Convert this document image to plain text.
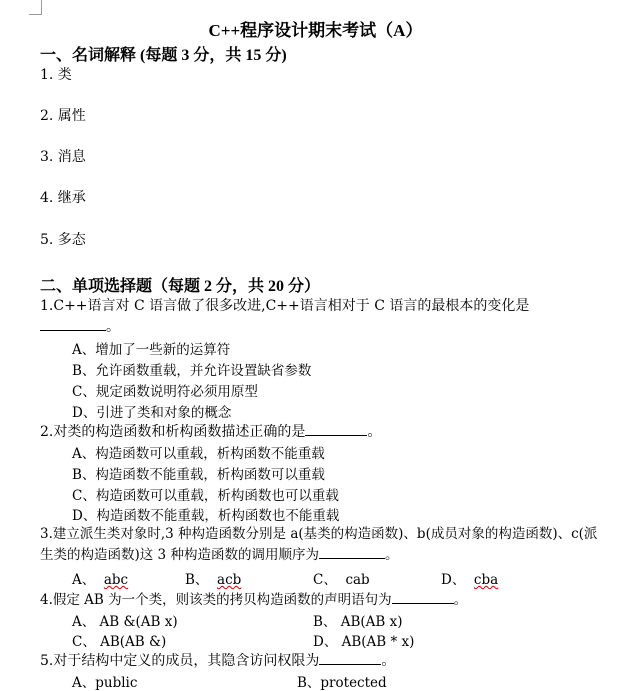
C++程序设计期末考试（A）
一、名词解释 (每题 3 分，共 15 分)
1. 类
2. 属性
3. 消息
4. 继承
5. 多态
二、单项选择题（每题 2 分，共 20 分）
1.C++语言对 C 语言做了很多改进,C++语言相对于 C 语言的最根本的变化是
。
A、增加了一些新的运算符
B、允许函数重载，并允许设置缺省参数
C、规定函数说明符必须用原型
D、引进了类和对象的概念
2.对类的构造函数和析构函数描述正确的是	。
A、构造函数可以重载，析构函数不能重载
B、构造函数不能重载，析构函数可以重载
C、构造函数可以重载，析构函数也可以重载
D、构造函数不能重载，析构函数也不能重载
3.建立派生类对象时,3 种构造函数分别是 a(基类的构造函数)、b(成员对象的构造函数)、c(派生类的构造函数)这 3 种构造函数的调用顺序为	。
A、 abc	B、 acb	C、 cab	D、 cba
4.假定 AB 为一个类，则该类的拷贝构造函数的声明语句为	。
A、 AB &(AB x)	B、 AB(AB x)
C、 AB(AB &)	D、 AB(AB * x)
5.对于结构中定义的成员，其隐含访问权限为	。
A、public	B、protected
